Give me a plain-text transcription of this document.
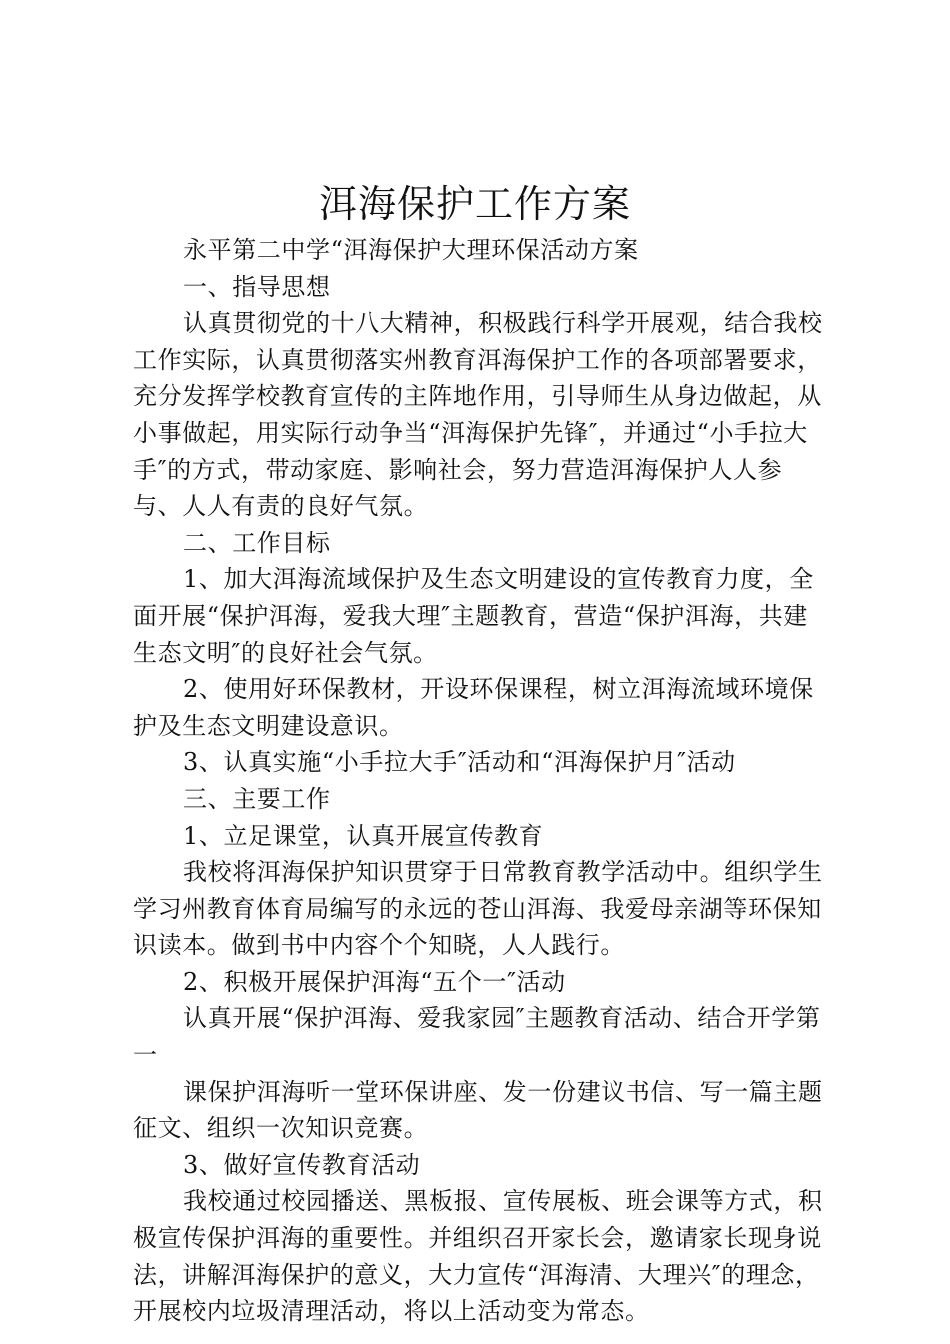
洱海保护工作方案

永平第二中学“洱海保护大理环保活动方案

一、指导思想

认真贯彻党的十八大精神，积极践行科学开展观，结合我校工作实际，认真贯彻落实州教育洱海保护工作的各项部署要求，充分发挥学校教育宣传的主阵地作用，引导师生从身边做起，从小事做起，用实际行动争当“洱海保护先锋″，并通过“小手拉大手″的方式，带动家庭、影响社会，努力营造洱海保护人人参与、人人有责的良好气氛。

二、工作目标

1、加大洱海流域保护及生态文明建设的宣传教育力度，全面开展“保护洱海，爱我大理″主题教育，营造“保护洱海，共建生态文明″的良好社会气氛。

2、使用好环保教材，开设环保课程，树立洱海流域环境保护及生态文明建设意识。

3、认真实施“小手拉大手″活动和“洱海保护月″活动

三、主要工作

1、立足课堂，认真开展宣传教育

我校将洱海保护知识贯穿于日常教育教学活动中。组织学生学习州教育体育局编写的永远的苍山洱海、我爱母亲湖等环保知识读本。做到书中内容个个知晓，人人践行。

2、积极开展保护洱海“五个一″活动

认真开展“保护洱海、爱我家园″主题教育活动、结合开学第一

课保护洱海听一堂环保讲座、发一份建议书信、写一篇主题征文、组织一次知识竞赛。

3、做好宣传教育活动

我校通过校园播送、黑板报、宣传展板、班会课等方式，积极宣传保护洱海的重要性。并组织召开家长会，邀请家长现身说法，讲解洱海保护的意义，大力宣传“洱海清、大理兴″的理念，开展校内垃圾清理活动，将以上活动变为常态。
